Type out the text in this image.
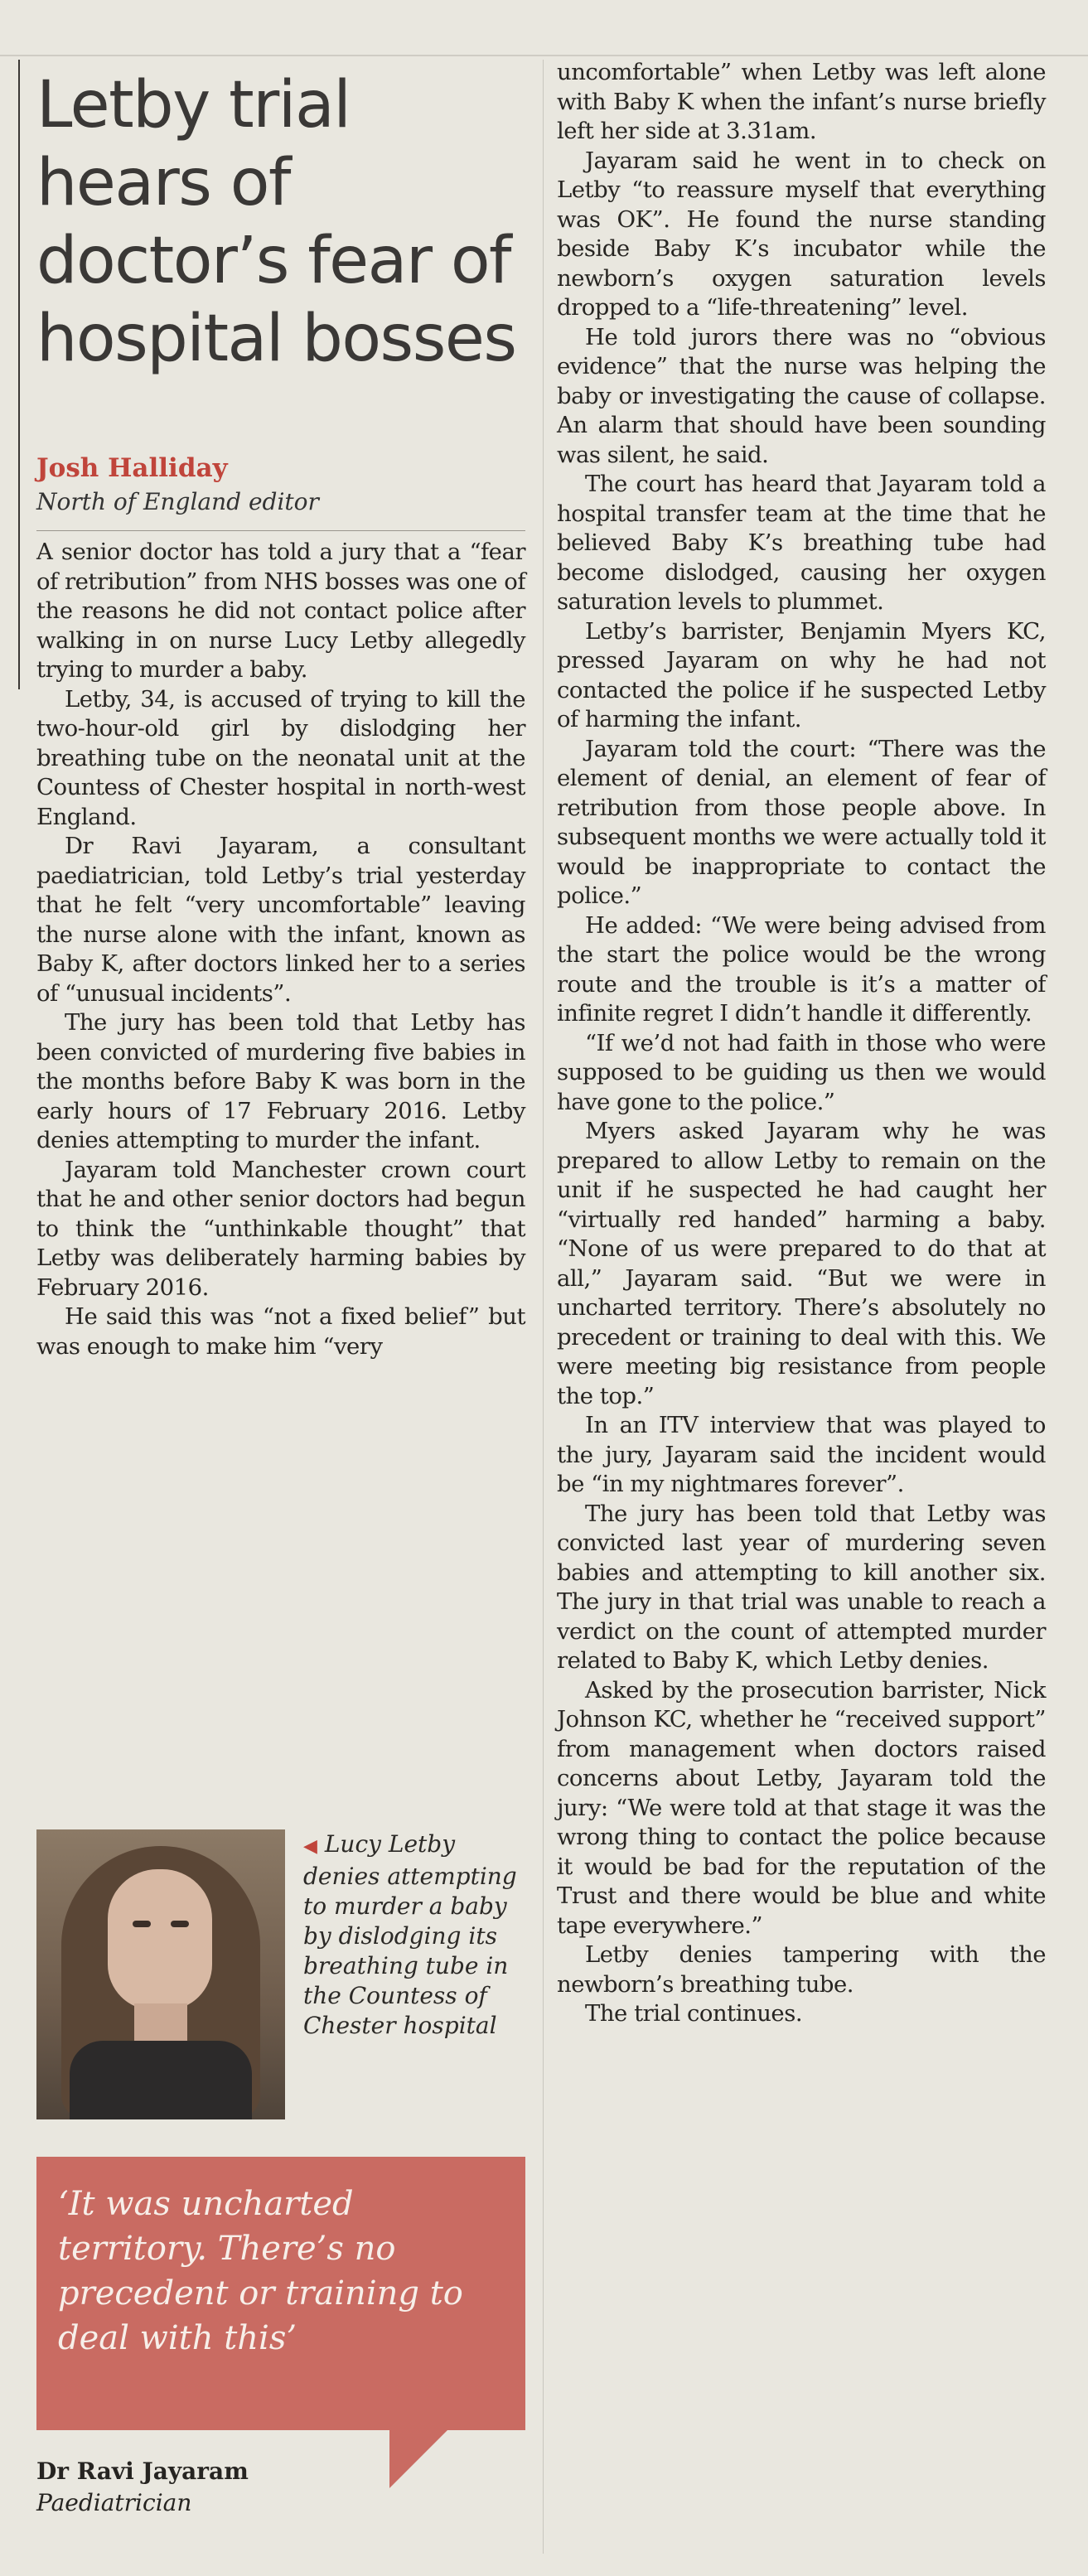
Letby trial hears of doctor’s fear of hospital bosses
Josh Halliday
North of England editor

A senior doctor has told a jury that a “fear of retribution” from NHS bosses was one of the reasons he did not contact police after walking in on nurse Lucy Letby allegedly trying to murder a baby.

Letby, 34, is accused of trying to kill the two-hour-old girl by dislodging her breathing tube on the neonatal unit at the Countess of Chester hospital in north-west England.

Dr Ravi Jayaram, a consultant paediatrician, told Letby’s trial yesterday that he felt “very uncomfortable” leaving the nurse alone with the infant, known as Baby K, after doctors linked her to a series of “unusual incidents”.

The jury has been told that Letby has been convicted of murdering five babies in the months before Baby K was born in the early hours of 17 February 2016. Letby denies attempting to murder the infant.

Jayaram told Manchester crown court that he and other senior doctors had begun to think the “unthinkable thought” that Letby was deliberately harming babies by February 2016.

He said this was “not a fixed belief” but was enough to make him “very

◀ Lucy Letby denies attempting to murder a baby by dislodging its breathing tube in the Countess of Chester hospital
‘It was uncharted territory. There’s no precedent or training to deal with this’
Dr Ravi Jayaram
Paediatrician

uncomfortable” when Letby was left alone with Baby K when the infant’s nurse briefly left her side at 3.31am.

Jayaram said he went in to check on Letby “to reassure myself that everything was OK”. He found the nurse standing beside Baby K’s incubator while the newborn’s oxygen saturation levels dropped to a “life-threatening” level.

He told jurors there was no “obvious evidence” that the nurse was helping the baby or investigating the cause of collapse. An alarm that should have been sounding was silent, he said.

The court has heard that Jayaram told a hospital transfer team at the time that he believed Baby K’s breathing tube had become dislodged, causing her oxygen saturation levels to plummet.

Letby’s barrister, Benjamin Myers KC, pressed Jayaram on why he had not contacted the police if he suspected Letby of harming the infant.

Jayaram told the court: “There was the element of denial, an element of fear of retribution from those people above. In subsequent months we were actually told it would be inappropriate to contact the police.”

He added: “We were being advised from the start the police would be the wrong route and the trouble is it’s a matter of infinite regret I didn’t handle it differently.

“If we’d not had faith in those who were supposed to be guiding us then we would have gone to the police.”

Myers asked Jayaram why he was prepared to allow Letby to remain on the unit if he suspected he had caught her “virtually red handed” harming a baby. “None of us were prepared to do that at all,” Jayaram said. “But we were in uncharted territory. There’s absolutely no precedent or training to deal with this. We were meeting big resistance from people the top.”

In an ITV interview that was played to the jury, Jayaram said the incident would be “in my nightmares forever”.

The jury has been told that Letby was convicted last year of murdering seven babies and attempting to kill another six. The jury in that trial was unable to reach a verdict on the count of attempted murder related to Baby K, which Letby denies.

Asked by the prosecution barrister, Nick Johnson KC, whether he “received support” from management when doctors raised concerns about Letby, Jayaram told the jury: “We were told at that stage it was the wrong thing to contact the police because it would be bad for the reputation of the Trust and there would be blue and white tape everywhere.”

Letby denies tampering with the newborn’s breathing tube.

The trial continues.
